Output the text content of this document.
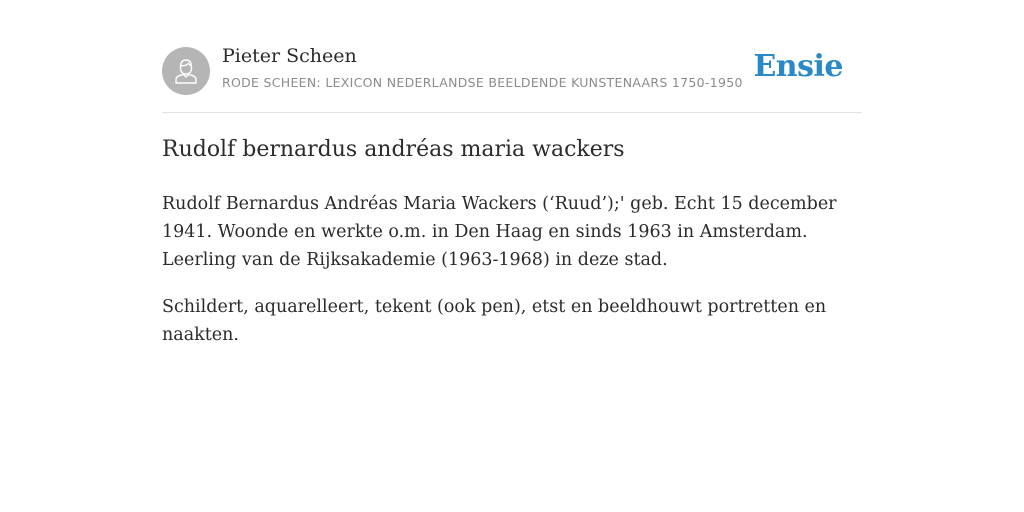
Pieter Scheen
RODE SCHEEN: LEXICON NEDERLANDSE BEELDENDE KUNSTENAARS 1750-1950 Ensie
Rudolf bernardus andréas maria wackers

Rudolf Bernardus Andréas Maria Wackers (‘Ruud’);' geb. Echt 15 december 1941. Woonde en werkte o.m. in Den Haag en sinds 1963 in Amsterdam. Leerling van de Rijksakademie (1963-1968) in deze stad.

Schildert, aquarelleert, tekent (ook pen), etst en beeldhouwt portretten en naakten.
